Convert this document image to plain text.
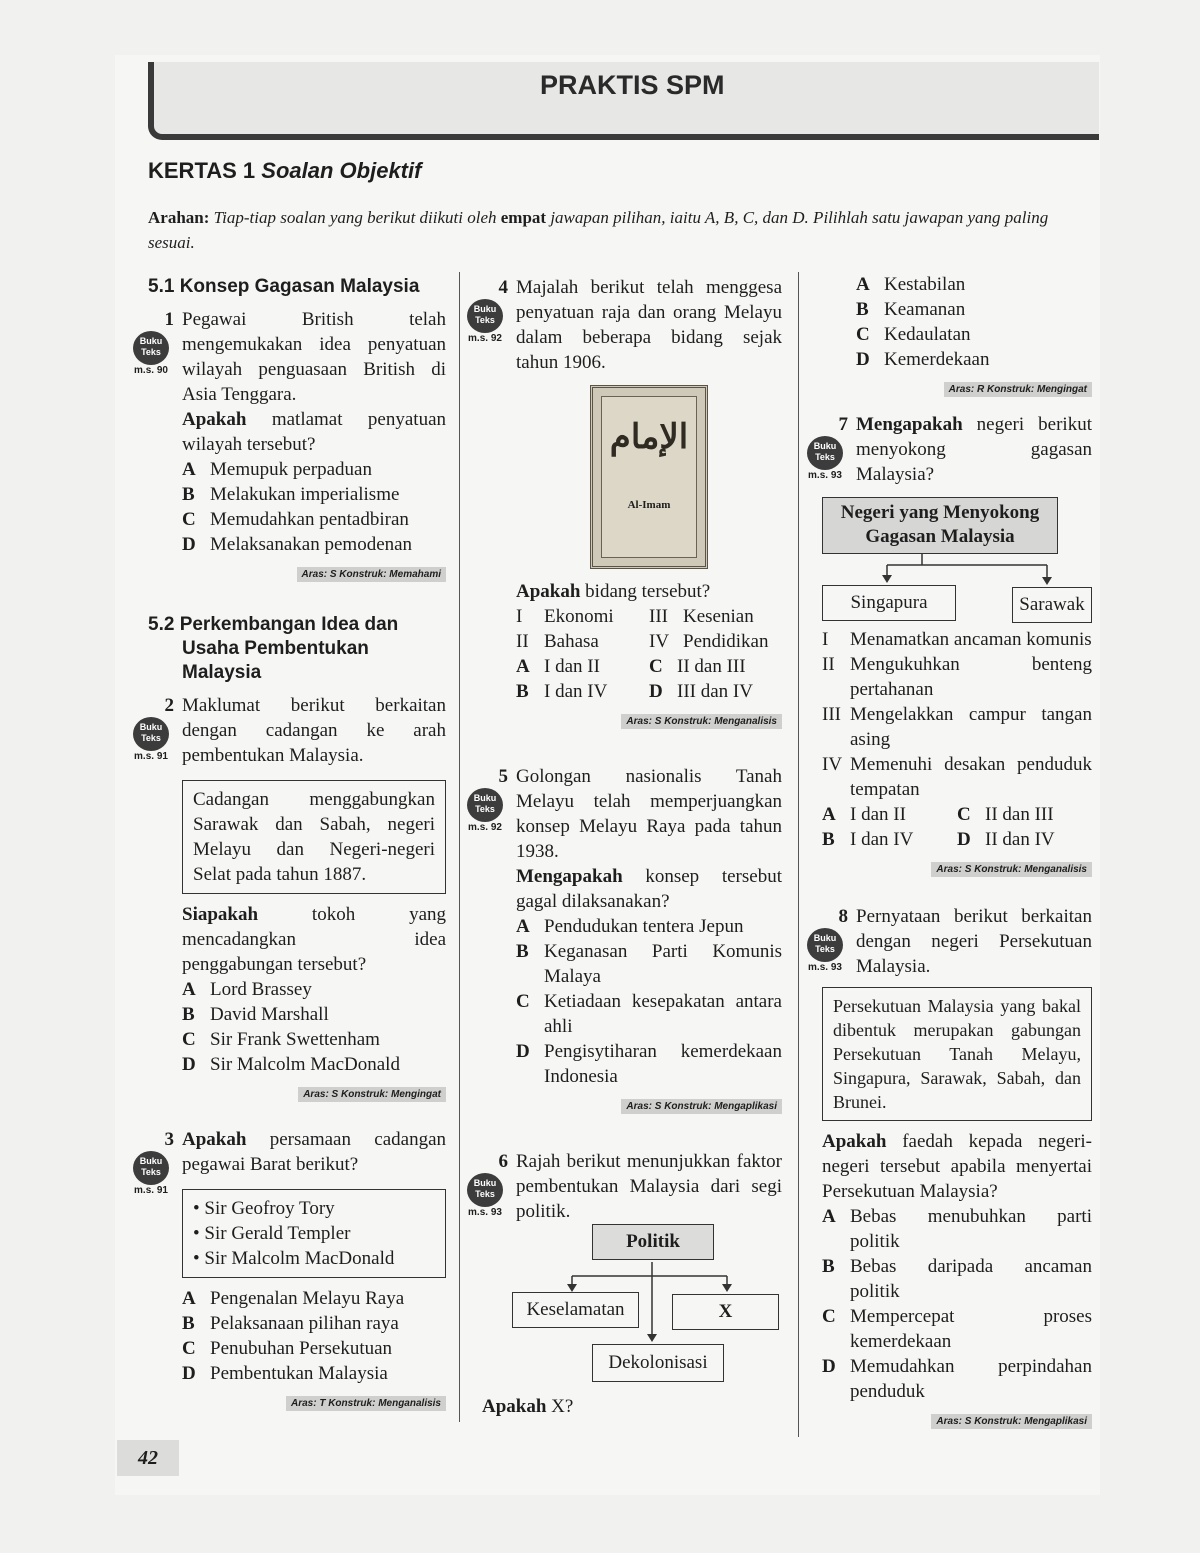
PRAKTIS SPM
KERTAS 1 Soalan Objektif
Arahan: Tiap-tiap soalan yang berikut diikuti oleh empat jawapan pilihan, iaitu A, B, C, dan D. Pilihlah satu jawapan yang paling sesuai.
5.1 Konsep Gagasan Malaysia
1
Buku Teks
m.s. 90
Pegawai British telah mengemukakan idea penyatuan wilayah penguasaan British di Asia Tenggara.
Apakah matlamat penyatuan wilayah tersebut?
A Memupuk perpaduan
B Melakukan imperialisme
C Memudahkan pentadbiran
D Melaksanakan pemodenan
Aras: S Konstruk: Memahami
5.2 Perkembangan Idea dan Usaha Pembentukan Malaysia
2
Buku Teks
m.s. 91
Maklumat berikut berkaitan dengan cadangan ke arah pembentukan Malaysia.
Cadangan menggabungkan Sarawak dan Sabah, negeri Melayu dan Negeri-negeri Selat pada tahun 1887.
Siapakah	tokoh yang mencadangkan idea penggabungan tersebut?
A Lord Brassey
B David Marshall
C Sir Frank Swettenham
D Sir Malcolm MacDonald
Aras: S Konstruk: Mengingat
3
Buku Teks
m.s. 91
Apakah persamaan cadangan pegawai Barat berikut?
• Sir Geofroy Tory
• Sir Gerald Templer
• Sir Malcolm MacDonald
A Pengenalan Melayu Raya
B Pelaksanaan pilihan raya
C Penubuhan Persekutuan
D Pembentukan Malaysia
Aras: T Konstruk: Menganalisis
4
Buku Teks
m.s. 92
Majalah berikut telah menggesa penyatuan raja dan orang Melayu dalam beberapa bidang sejak tahun 1906.
الإمام
Al-Imam
Apakah bidang tersebut?
I	Ekonomi III Kesenian
II Bahasa	IV Pendidikan
A I dan II	C II dan III
B I dan IV D III dan IV
Aras: S Konstruk: Menganalisis
5
Buku Teks
m.s. 92
Golongan nasionalis Tanah Melayu telah memperjuangkan konsep Melayu Raya pada tahun 1938.
Mengapakah konsep tersebut gagal dilaksanakan?
A Pendudukan tentera Jepun
B Keganasan Parti Komunis Malaya
C Ketiadaan kesepakatan antara ahli
D Pengisytiharan kemerdekaan Indonesia
Aras: S Konstruk: Mengaplikasi
6
Buku Teks
m.s. 93
Rajah berikut menunjukkan faktor pembentukan Malaysia dari segi politik.
Politik
Keselamatan	X
Dekolonisasi
Apakah X?
A Kestabilan
B Keamanan
C Kedaulatan
D Kemerdekaan
Aras: R Konstruk: Mengingat
7
Buku Teks
m.s. 93
Mengapakah negeri berikut menyokong gagasan Malaysia?
Negeri yang Menyokong Gagasan Malaysia
Singapura	Sarawak
I	Menamatkan ancaman komunis
II Mengukuhkan benteng pertahanan
III Mengelakkan campur tangan asing
IV Memenuhi desakan penduduk tempatan
A I dan II	C II dan III
B I dan IV D II dan IV
Aras: S Konstruk: Menganalisis
8
Buku Teks
m.s. 93
Pernyataan berikut berkaitan dengan negeri Persekutuan Malaysia.
Persekutuan Malaysia yang bakal dibentuk merupakan gabungan Persekutuan Tanah Melayu, Singapura, Sarawak, Sabah, dan Brunei.
Apakah faedah kepada negeri-negeri tersebut apabila menyertai Persekutuan Malaysia?
A Bebas menubuhkan parti politik
B Bebas daripada ancaman politik
C Mempercepat proses kemerdekaan
D Memudahkan perpindahan penduduk
Aras: S Konstruk: Mengaplikasi
42
